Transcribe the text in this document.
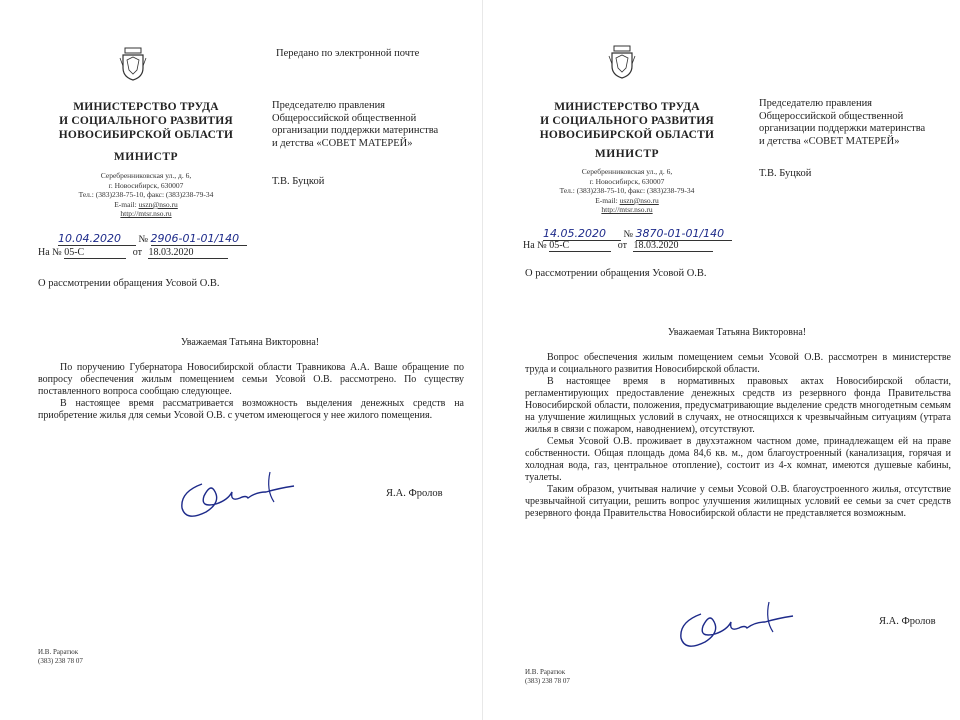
Передано по электронной почте
МИНИСТЕРСТВО ТРУДА
И СОЦИАЛЬНОГО РАЗВИТИЯ
НОВОСИБИРСКОЙ ОБЛАСТИ
МИНИСТР
Серебренниковская ул., д. 6,
г. Новосибирск, 630007
Тел.: (383)238-75-10, факс: (383)238-79-34
E-mail: uszn@nso.ru
http://mtsr.nso.ru
Председателю правления
Общероссийской общественной
организации поддержки материнства
и детства «СОВЕТ МАТЕРЕЙ»
Т.В. Буцкой
10.04.2020 № 2906-01-01/140
На № 05-С	от 18.03.2020
О рассмотрении обращения Усовой О.В.
Уважаемая Татьяна Викторовна!

По поручению Губернатора Новосибирской области Травникова А.А. Ваше обращение по вопросу обеспечения жилым помещением семьи Усовой О.В. рассмотрено. По существу поставленного вопроса сообщаю следующее.

В настоящее время рассматривается возможность выделения денежных средств на приобретение жилья для семьи Усовой О.В. с учетом имеющегося у нее жилого помещения.

Я.А. Фролов
И.В. Раратюк
(383) 238 78 07
МИНИСТЕРСТВО ТРУДА
И СОЦИАЛЬНОГО РАЗВИТИЯ
НОВОСИБИРСКОЙ ОБЛАСТИ
МИНИСТР
Серебренниковская ул., д. 6,
г. Новосибирск, 630007
Тел.: (383)238-75-10, факс: (383)238-79-34
E-mail: uszn@nso.ru
http://mtsr.nso.ru
Председателю правления
Общероссийской общественной
организации поддержки материнства
и детства «СОВЕТ МАТЕРЕЙ»
Т.В. Буцкой
14.05.2020 № 3870-01-01/140
На № 05-С	от 18.03.2020
О рассмотрении обращения Усовой О.В.
Уважаемая Татьяна Викторовна!

Вопрос обеспечения жилым помещением семьи Усовой О.В. рассмотрен в министерстве труда и социального развития Новосибирской области.

В настоящее время в нормативных правовых актах Новосибирской области, регламентирующих предоставление денежных средств из резервного фонда Правительства Новосибирской области, положения, предусматривающие выделение средств многодетным семьям на улучшение жилищных условий в случаях, не относящихся к чрезвычайным ситуациям (утрата жилья в связи с пожаром, наводнением), отсутствуют.

Семья Усовой О.В. проживает в двухэтажном частном доме, принадлежащем ей на праве собственности. Общая площадь дома 84,6 кв. м., дом благоустроенный (канализация, горячая и холодная вода, газ, центральное отопление), состоит из 4-х комнат, имеются душевые кабины, туалеты.

Таким образом, учитывая наличие у семьи Усовой О.В. благоустроенного жилья, отсутствие чрезвычайной ситуации, решить вопрос улучшения жилищных условий ее семьи за счет средств резервного фонда Правительства Новосибирской области не представляется возможным.

Я.А. Фролов
И.В. Раратюк
(383) 238 78 07
